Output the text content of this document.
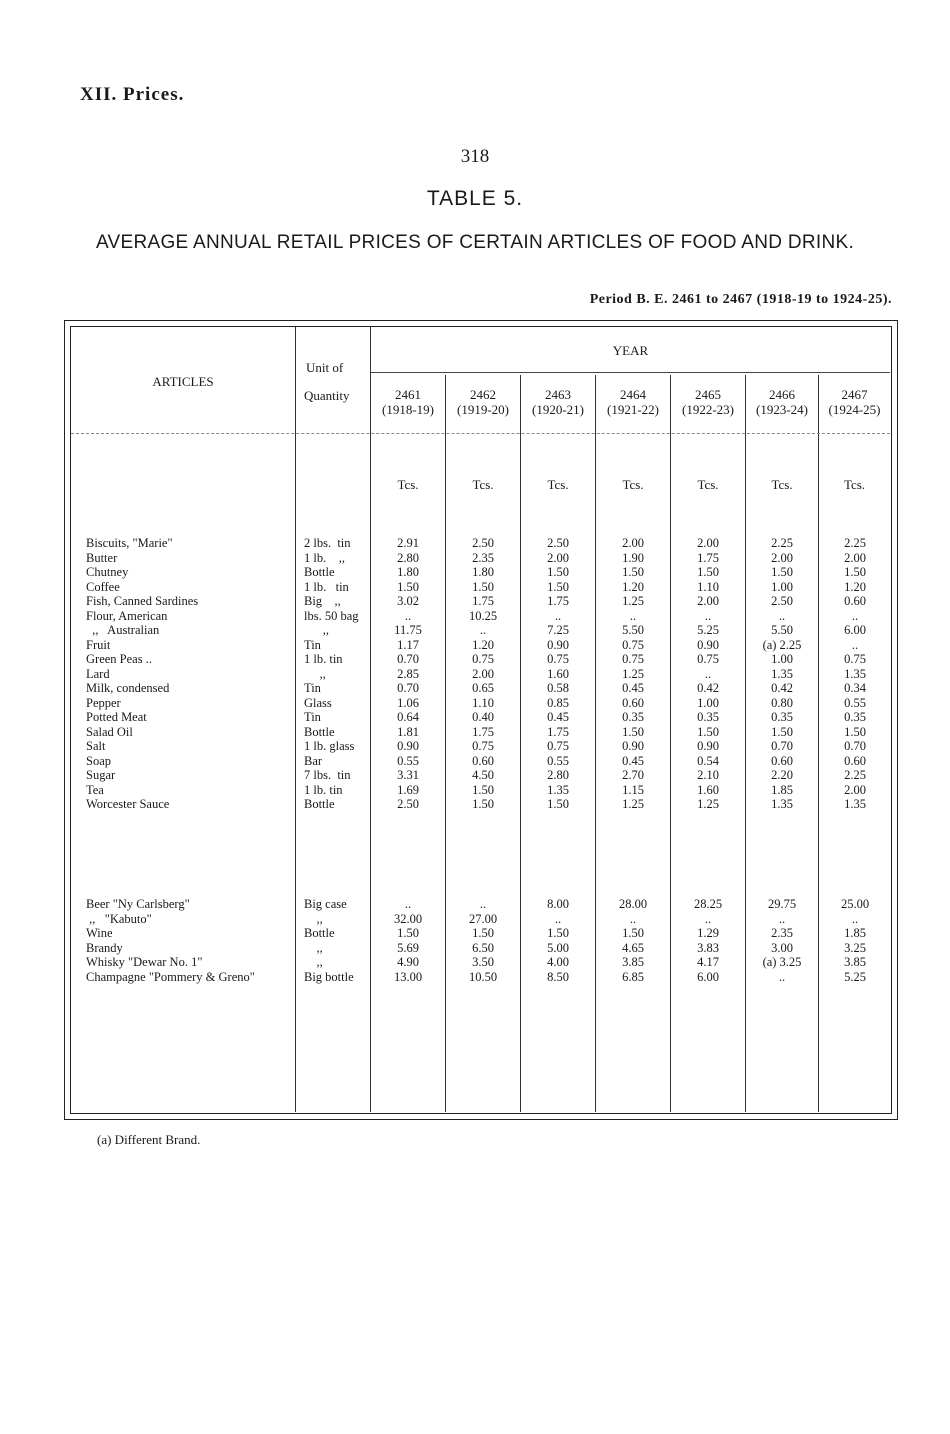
XII. Prices.
318
TABLE 5.
AVERAGE ANNUAL RETAIL PRICES OF CERTAIN ARTICLES OF FOOD AND DRINK.
Period B. E. 2461 to 2467 (1918-19 to 1924-25).
ARTICLES
Unit of
Quantity
YEAR
2461
(1918-19)
2462
(1919-20)
2463
(1920-21)
2464
(1921-22)
2465
(1922-23)
2466
(1923-24)
2467
(1924-25)
Tcs.	Tcs.	Tcs.	Tcs.	Tcs.	Tcs.	Tcs.
Biscuits, "Marie"	2 lbs.  tin	2.91	2.50	2.50	2.00	2.00	2.25	2.25
Butter	1 lb.    ,,	2.80	2.35	2.00	1.90	1.75	2.00	2.00
Chutney	Bottle	1.80	1.80	1.50	1.50	1.50	1.50	1.50
Coffee	1 lb.   tin	1.50	1.50	1.50	1.20	1.10	1.00	1.20
Fish, Canned Sardines	Big    ,,	3.02	1.75	1.75	1.25	2.00	2.50	0.60
Flour, American	lbs. 50 bag	..	10.25	..	..	..	..	..
,,   Australian	,,	11.75	..	7.25	5.50	5.25	5.50	6.00
Fruit	Tin	1.17	1.20	0.90	0.75	0.90	(a) 2.25	..
Green Peas ..	1 lb. tin	0.70	0.75	0.75	0.75	0.75	1.00	0.75
Lard	,,	2.85	2.00	1.60	1.25	..	1.35	1.35
Milk, condensed	Tin	0.70	0.65	0.58	0.45	0.42	0.42	0.34
Pepper	Glass	1.06	1.10	0.85	0.60	1.00	0.80	0.55
Potted Meat	Tin	0.64	0.40	0.45	0.35	0.35	0.35	0.35
Salad Oil	Bottle	1.81	1.75	1.75	1.50	1.50	1.50	1.50
Salt	1 lb. glass	0.90	0.75	0.75	0.90	0.90	0.70	0.70
Soap	Bar	0.55	0.60	0.55	0.45	0.54	0.60	0.60
Sugar	7 lbs.  tin	3.31	4.50	2.80	2.70	2.10	2.20	2.25
Tea	1 lb. tin	1.69	1.50	1.35	1.15	1.60	1.85	2.00
Worcester Sauce	Bottle	2.50	1.50	1.50	1.25	1.25	1.35	1.35
Beer "Ny Carlsberg"	Big case	..	..	8.00	28.00	28.25	29.75	25.00
,,   "Kabuto"	,,	32.00	27.00	..	..	..	..	..
Wine	Bottle	1.50	1.50	1.50	1.50	1.29	2.35	1.85
Brandy	,,	5.69	6.50	5.00	4.65	3.83	3.00	3.25
Whisky "Dewar No. 1"	,,	4.90	3.50	4.00	3.85	4.17	(a) 3.25	3.85
Champagne "Pommery & Greno"	Big bottle	13.00	10.50	8.50	6.85	6.00	..	5.25
(a) Different Brand.
